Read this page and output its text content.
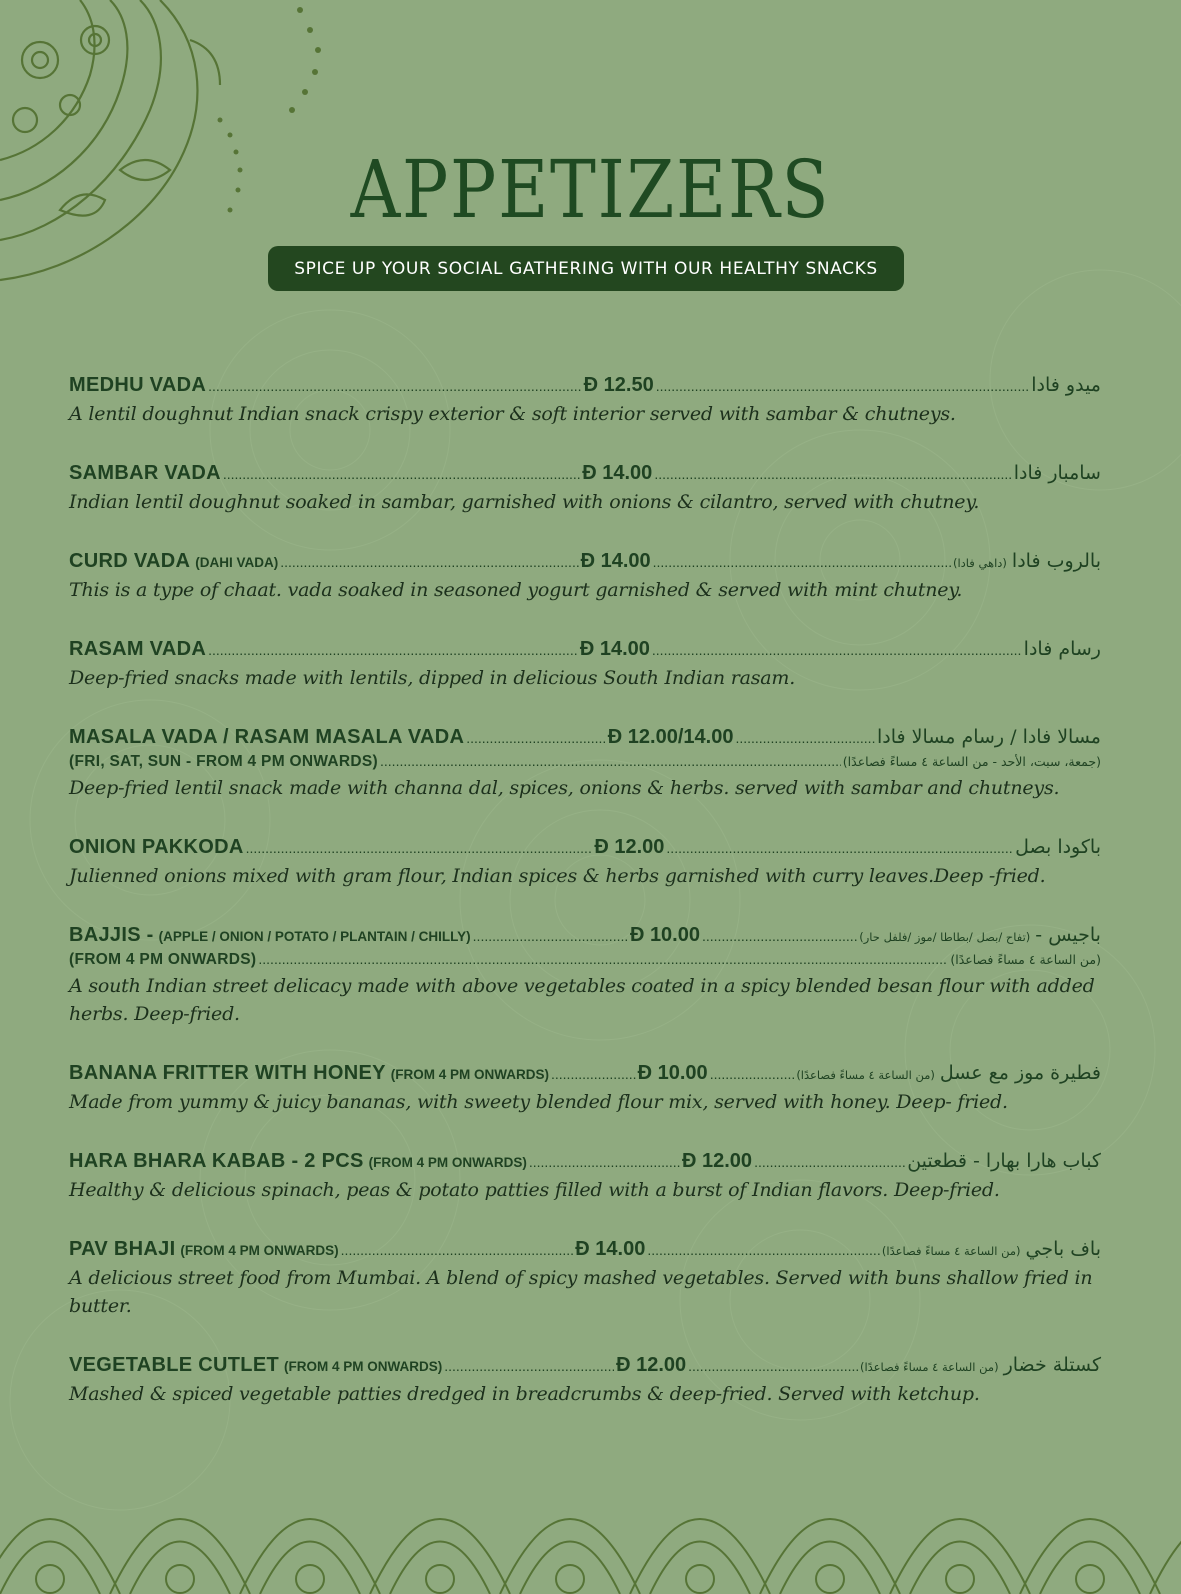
APPETIZERS
SPICE UP YOUR SOCIAL GATHERING WITH OUR HEALTHY SNACKS
MEDHU VADA .....	Đ 12.50 .....	ميدو فادا
A lentil doughnut Indian snack crispy exterior & soft interior served with sambar & chutneys.
SAMBAR VADA .....	Đ 14.00 .....	سامبار فادا
Indian lentil doughnut soaked in sambar, garnished with onions & cilantro, served with chutney.
CURD VADA (DAHI VADA) .....	Đ 14.00 .....	(داهي فادا) بالروب فادا
This is a type of chaat. vada soaked in seasoned yogurt garnished & served with mint chutney.
RASAM VADA .....	Đ 14.00 .....	رسام فادا
Deep-fried snacks made with lentils, dipped in delicious South Indian rasam.
MASALA VADA / RASAM MASALA VADA .....	Đ 12.00/14.00 .....	مسالا فادا / رسام مسالا فادا
(FRI, SAT, SUN - FROM 4 PM ONWARDS) .....	(جمعة، سبت، الأحد - من الساعة ٤ مساءً فصاعدًا)
Deep-fried lentil snack made with channa dal, spices, onions & herbs. served with sambar and chutneys.
ONION PAKKODA .....	Đ 12.00 .....	باكودا بصل
Julienned onions mixed with gram flour, Indian spices & herbs garnished with curry leaves.Deep -fried.
BAJJIS - (APPLE / ONION / POTATO / PLANTAIN / CHILLY) .....	Đ 10.00 .....	(تفاح /بصل /بطاطا /موز /فلفل حار) باجيس -
(FROM 4 PM ONWARDS) .....	(من الساعة ٤ مساءً فصاعدًا)
A south Indian street delicacy made with above vegetables coated in a spicy blended besan flour with added herbs. Deep-fried.
BANANA FRITTER WITH HONEY (FROM 4 PM ONWARDS) .....	Đ 10.00 .....	(من الساعة ٤ مساءً فصاعدًا) فطيرة موز مع عسل
Made from yummy & juicy bananas, with sweety blended flour mix, served with honey. Deep- fried.
HARA BHARA KABAB - 2 PCS (FROM 4 PM ONWARDS) .....	Đ 12.00 .....	كباب هارا بهارا - قطعتين
Healthy & delicious spinach, peas & potato patties filled with a burst of Indian flavors. Deep-fried.
PAV BHAJI (FROM 4 PM ONWARDS) .....	Đ 14.00 .....	(من الساعة ٤ مساءً فصاعدًا) باف باجي
A delicious street food from Mumbai. A blend of spicy mashed vegetables. Served with buns shallow fried in butter.
VEGETABLE CUTLET (FROM 4 PM ONWARDS) .....	Đ 12.00 .....	(من الساعة ٤ مساءً فصاعدًا) كستلة خضار
Mashed & spiced vegetable patties dredged in breadcrumbs & deep-fried. Served with ketchup.
